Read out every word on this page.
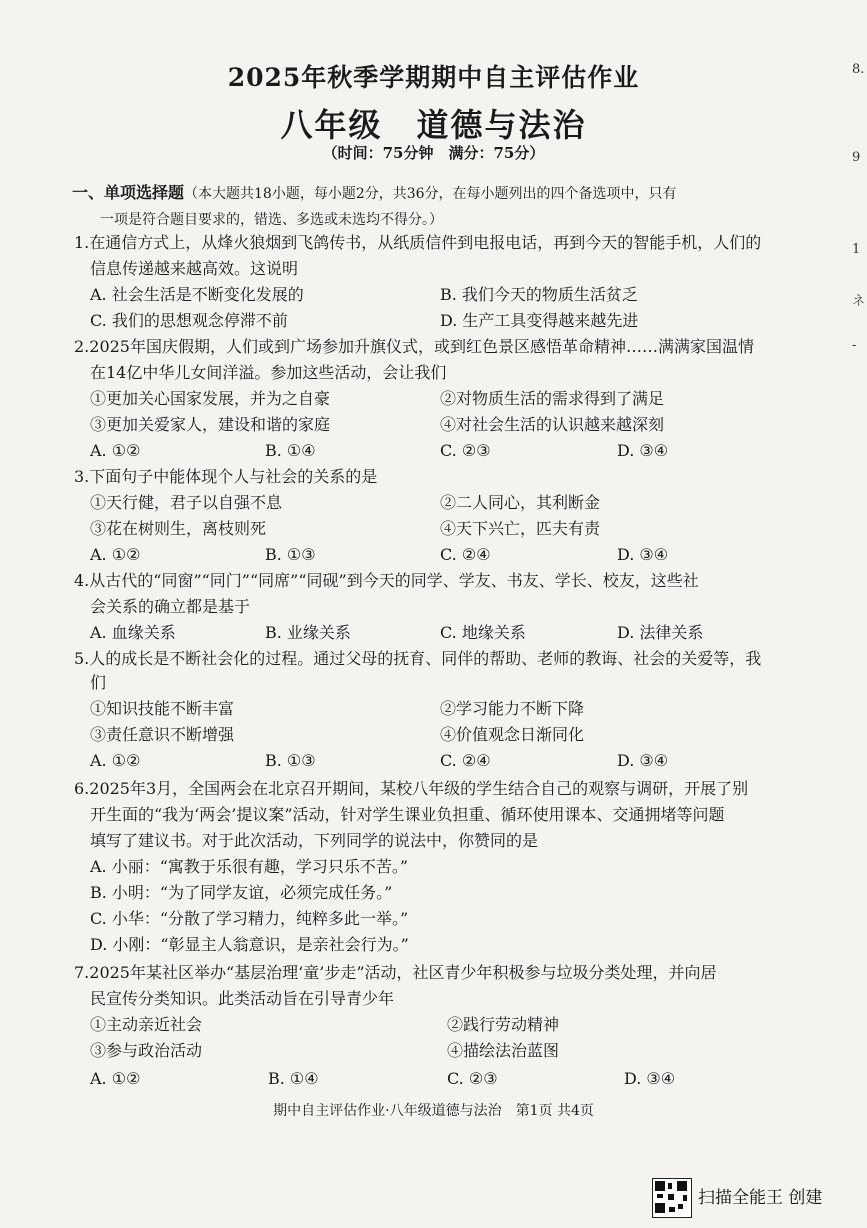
2025年秋季学期期中自主评估作业
八年级　道德与法治
（时间：75分钟　满分：75分）
一、单项选择题（本大题共18小题，每小题2分，共36分，在每小题列出的四个备选项中，只有
一项是符合题目要求的，错选、多选或未选均不得分。）
1.在通信方式上，从烽火狼烟到飞鸽传书，从纸质信件到电报电话，再到今天的智能手机，人们的
信息传递越来越高效。这说明
A. 社会生活是不断变化发展的	B. 我们今天的物质生活贫乏
C. 我们的思想观念停滞不前	D. 生产工具变得越来越先进
2.2025年国庆假期，人们或到广场参加升旗仪式，或到红色景区感悟革命精神……满满家国温情
在14亿中华儿女间洋溢。参加这些活动，会让我们
①更加关心国家发展，并为之自豪	②对物质生活的需求得到了满足
③更加关爱家人，建设和谐的家庭	④对社会生活的认识越来越深刻
A. ①②	B. ①④	C. ②③	D. ③④
3.下面句子中能体现个人与社会的关系的是
①天行健，君子以自强不息	②二人同心，其利断金
③花在树则生，离枝则死	④天下兴亡，匹夫有责
A. ①②	B. ①③	C. ②④	D. ③④
4.从古代的“同窗”“同门”“同席”“同砚”到今天的同学、学友、书友、学长、校友，这些社
会关系的确立都是基于
A. 血缘关系	B. 业缘关系	C. 地缘关系	D. 法律关系
5.人的成长是不断社会化的过程。通过父母的抚育、同伴的帮助、老师的教诲、社会的关爱等，我
们
①知识技能不断丰富	②学习能力不断下降
③责任意识不断增强	④价值观念日渐同化
A. ①②	B. ①③	C. ②④	D. ③④
6.2025年3月，全国两会在北京召开期间，某校八年级的学生结合自己的观察与调研，开展了别
开生面的“我为‘两会’提议案”活动，针对学生课业负担重、循环使用课本、交通拥堵等问题
填写了建议书。对于此次活动，下列同学的说法中，你赞同的是
A. 小丽：“寓教于乐很有趣，学习只乐不苦。”
B. 小明：“为了同学友谊，必须完成任务。”
C. 小华：“分散了学习精力，纯粹多此一举。”
D. 小刚：“彰显主人翁意识，是亲社会行为。”
7.2025年某社区举办“基层治理‘童’步走”活动，社区青少年积极参与垃圾分类处理，并向居
民宣传分类知识。此类活动旨在引导青少年
①主动亲近社会	②践行劳动精神
③参与政治活动	④描绘法治蓝图
A. ①②	B. ①④	C. ②③	D. ③④
期中自主评估作业·八年级道德与法治　第1页 共4页
8.
9
1
ネ
-
扫描全能王 创建
